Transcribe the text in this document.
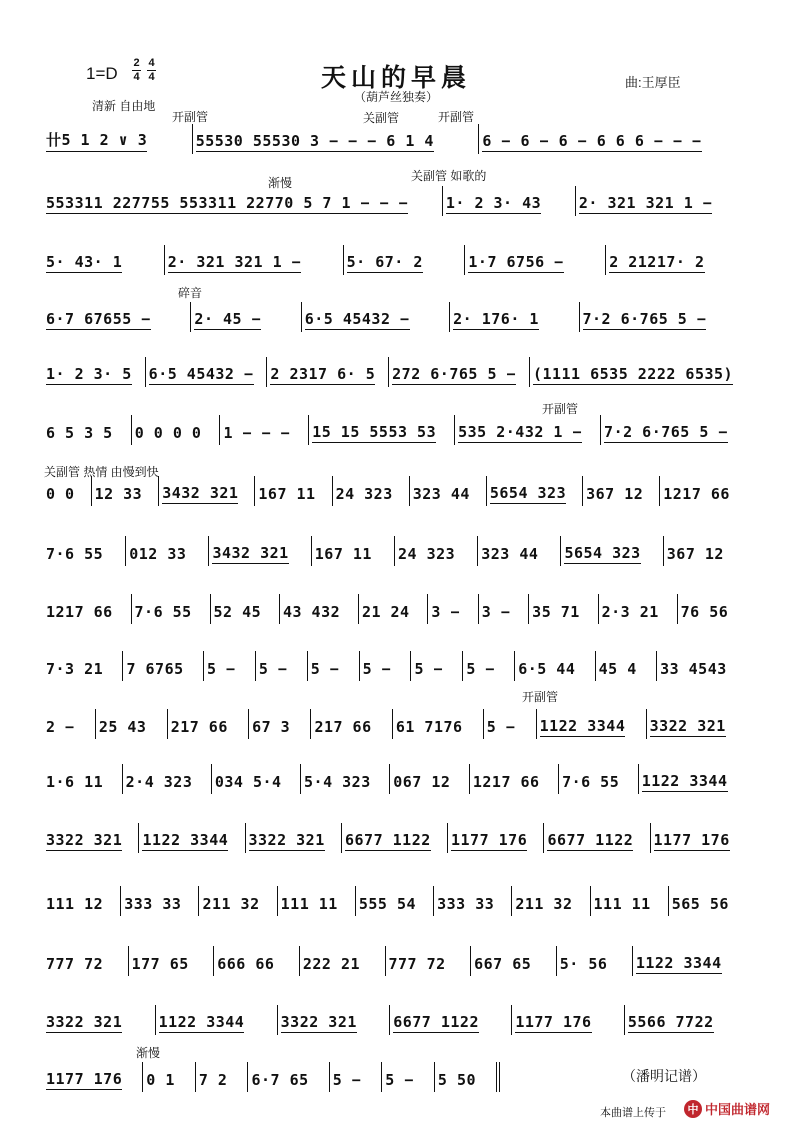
$1=D \frac{2}{4} \frac{4}{4}$	天山的早晨
（葫芦丝独奏）
曲:王厚臣
清新 自由地
开副管	关副管	开副管
渐慢	关副管 如歌的
碎音
开副管
关副管 热情 由慢到快
开副管
渐慢
卄5 1 2 ∨ 3	55530 55530 3 − − − 6 1 4	6 − 6 − 6 − 6 6 6 − − −
553311 227755 553311 22770 5 7 1 − − −	1· 2 3· 43	2· 321 321 1 −
5· 43· 1	2· 321 321 1 −	5· 67· 2	1·7 6756 −	2 21217· 2
6·7 67655 −	2· 45 −	6·5 45432 −	2· 176· 1	7·2 6·765 5 −
1· 2 3· 5 6·5 45432 − 2 2317 6· 5 272 6·765 5 − (1111 6535 2222 6535)
6 5 3 5 0 0 0 0 1 − − − 15 15 5553 53 535 2·432 1 − 7·2 6·765 5 −
0 0 12 33 3432 321 167 11 24 323 323 44 5654 323 367 12 1217 66
7·6 55 012 33 3432 321 167 11 24 323 323 44 5654 323 367 12
1217 66 7·6 55 52 45 43 432 21 24 3 − 3 − 35 71 2·3 21 76 56
7·3 21 7 6765 5 − 5 − 5 − 5 − 5 − 5 − 6·5 44 45 4 33 4543
2 − 25 43 217 66 67 3 217 66 61 7176 5 − 1122 3344 3322 321
1·6 11 2·4 323 034 5·4 5·4 323 067 12 1217 66 7·6 55 1122 3344
3322 321 1122 3344 3322 321 6677 1122 1177 176 6677 1122 1177 176
111 12 333 33 211 32 111 11 555 54 333 33 211 32 111 11 565 56
777 72 177 65 666 66 222 21 777 72 667 65 5· 56 1122 3344
3322 321 1122 3344 3322 321 6677 1122 1177 176 5566 7722
1177 176 0 1 7 2 6·7 65 5 − 5 − 5 50	（潘明记谱）
本曲谱上传于	中 中国曲谱网
